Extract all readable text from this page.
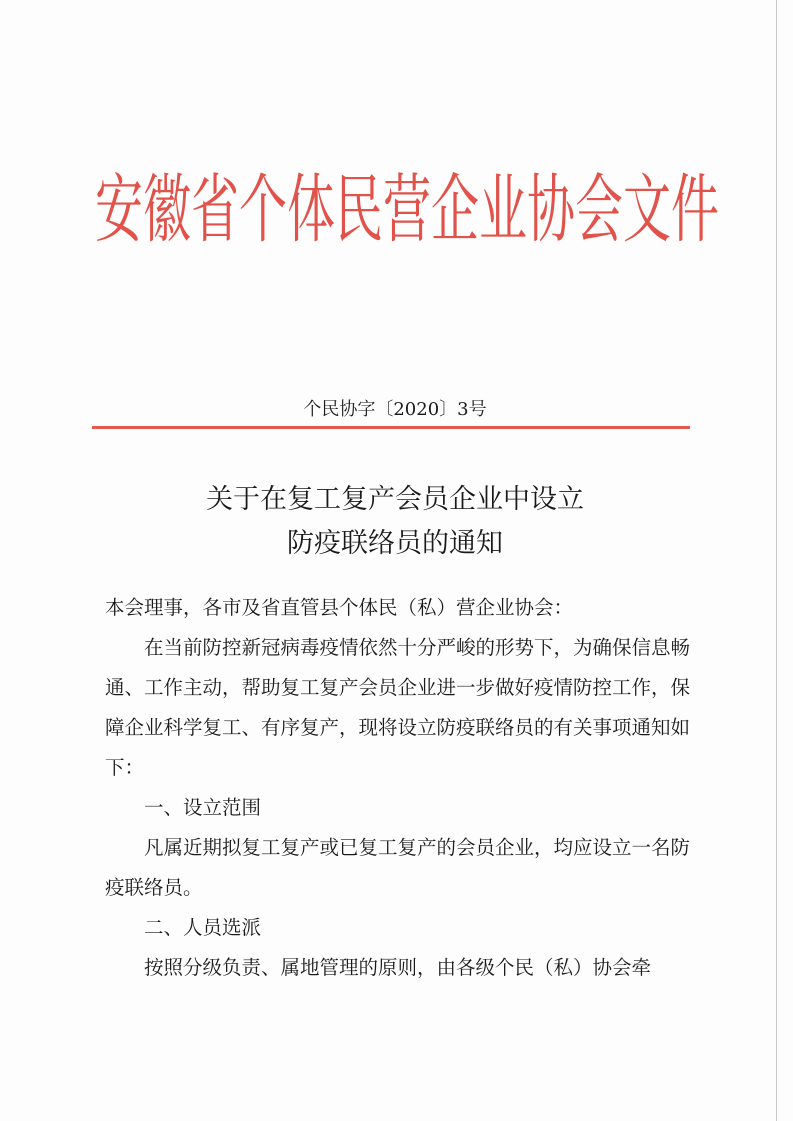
安徽省个体民营企业协会文件
个民协字〔2020〕3号
关于在复工复产会员企业中设立
防疫联络员的通知

本会理事，各市及省直管县个体民（私）营企业协会：

在当前防控新冠病毒疫情依然十分严峻的形势下，为确保信息畅通、工作主动，帮助复工复产会员企业进一步做好疫情防控工作，保障企业科学复工、有序复产，现将设立防疫联络员的有关事项通知如下：

一、设立范围

凡属近期拟复工复产或已复工复产的会员企业，均应设立一名防疫联络员。

二、人员选派

按照分级负责、属地管理的原则，由各级个民（私）协会牵
